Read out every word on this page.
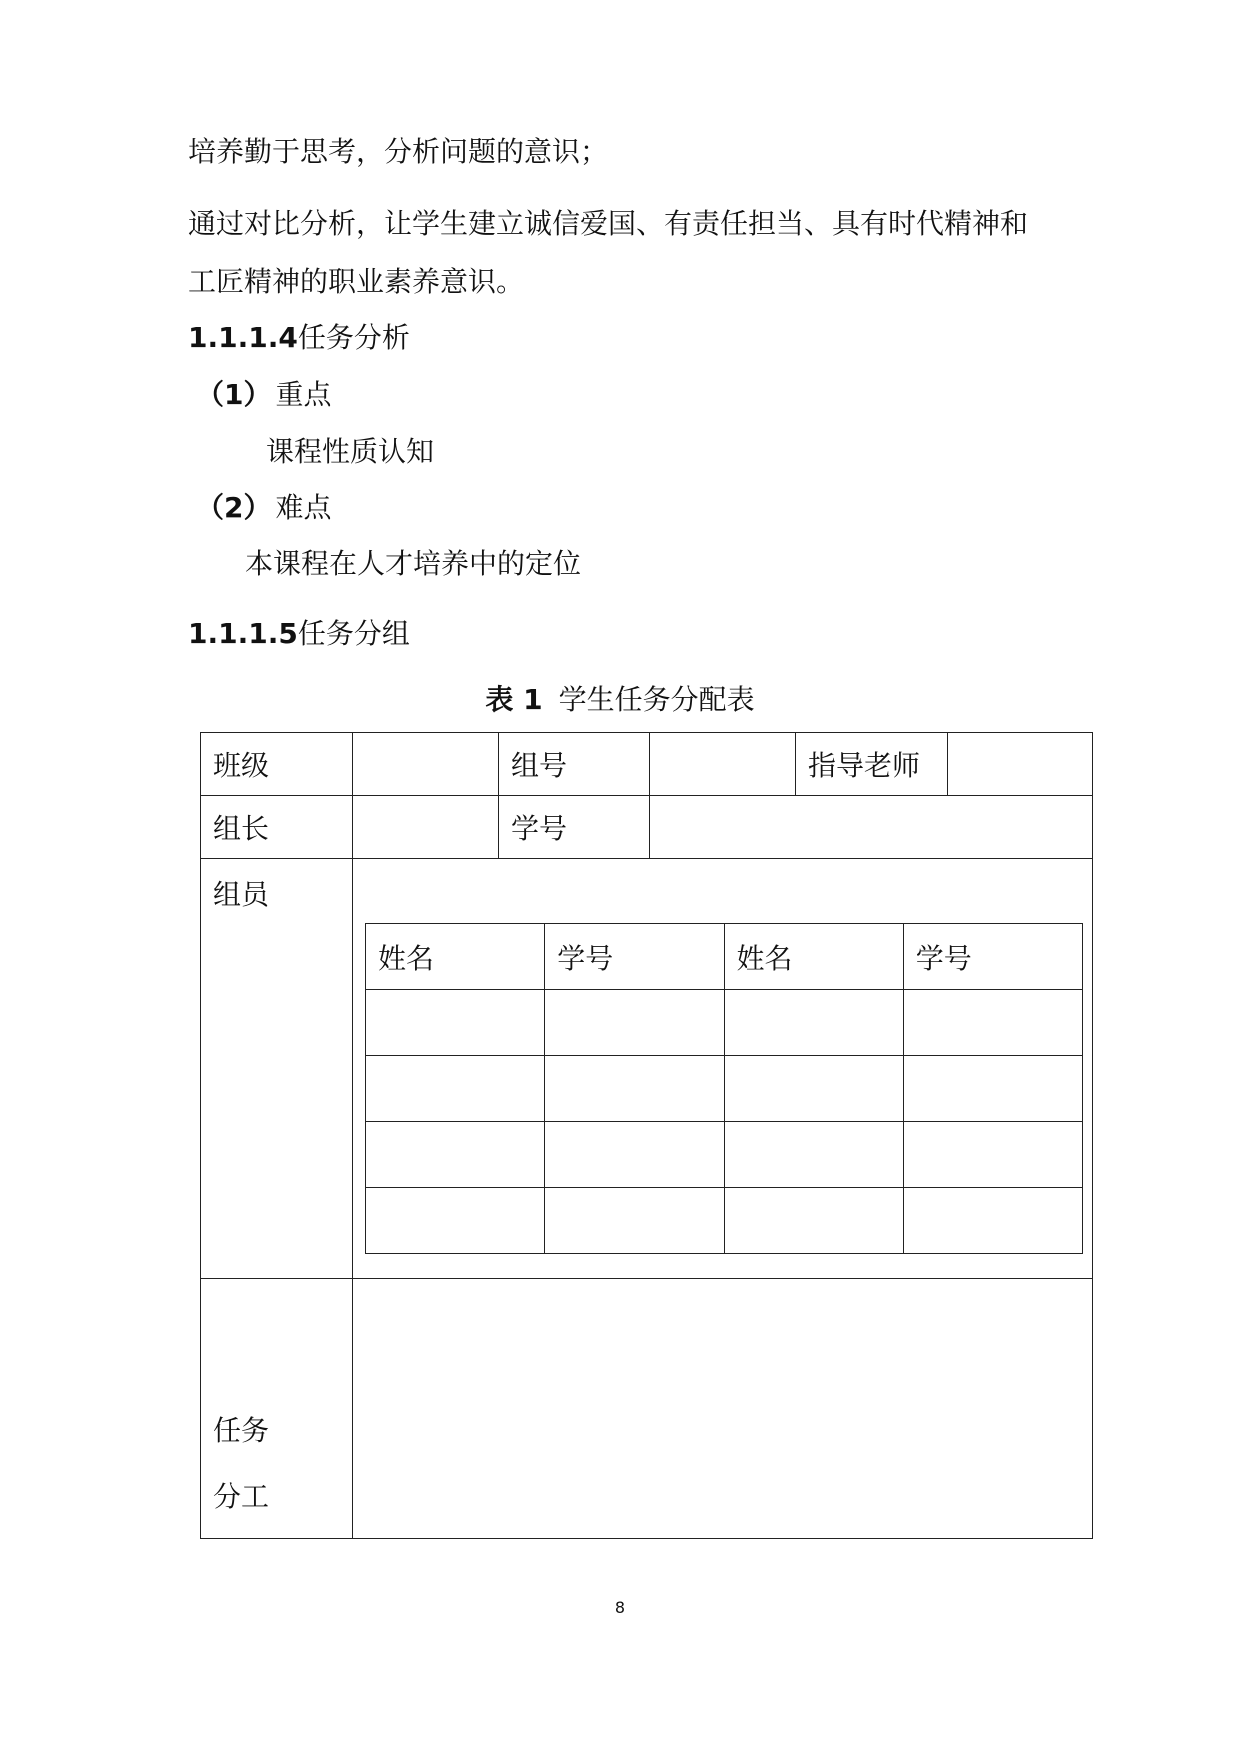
培养勤于思考，分析问题的意识；
通过对比分析，让学生建立诚信爱国、有责任担当、具有时代精神和
工匠精神的职业素养意识。
1.1.1.4任务分析
（1） 重点
课程性质认知
（2） 难点
本课程在人才培养中的定位
1.1.1.5任务分组
表 1 学生任务分配表
班级		组号		指导老师	
组长		学号	
组员	
姓名	学号	姓名	学号

任务
分工	
8
